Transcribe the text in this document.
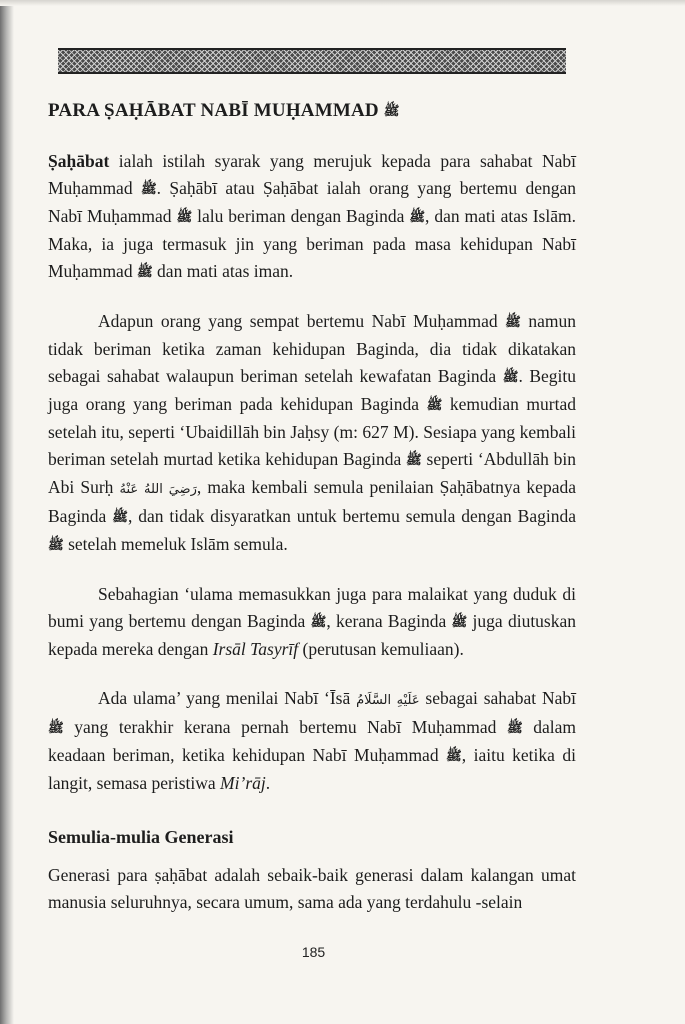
PARA ṢAḤĀBAT NABĪ MUḤAMMAD ﷺ

Ṣaḥābat ialah istilah syarak yang merujuk kepada para sahabat Nabī Muḥammad ﷺ. Ṣaḥābī atau Ṣaḥābat ialah orang yang bertemu dengan Nabī Muḥammad ﷺ lalu beriman dengan Baginda ﷺ, dan mati atas Islām. Maka, ia juga termasuk jin yang beriman pada masa kehidupan Nabī Muḥammad ﷺ dan mati atas iman.

Adapun orang yang sempat bertemu Nabī Muḥammad ﷺ namun tidak beriman ketika zaman kehidupan Baginda, dia tidak dikatakan sebagai sahabat walaupun beriman setelah kewafatan Baginda ﷺ. Begitu juga orang yang beriman pada kehidupan Baginda ﷺ kemudian murtad setelah itu, seperti ‘Ubaidillāh bin Jaḥsy (m: 627 M). Sesiapa yang kembali beriman setelah murtad ketika kehidupan Baginda ﷺ seperti ‘Abdullāh bin Abi Surḥ رَضِيَ اللهُ عَنْهُ, maka kembali semula penilaian Ṣaḥābatnya kepada Baginda ﷺ, dan tidak disyaratkan untuk bertemu semula dengan Baginda ﷺ setelah memeluk Islām semula.

Sebahagian ‘ulama memasukkan juga para malaikat yang duduk di bumi yang bertemu dengan Baginda ﷺ, kerana Baginda ﷺ juga diutuskan kepada mereka dengan Irsāl Tasyrīf (perutusan kemuliaan).

Ada ulama’ yang menilai Nabī ‘Īsā عَلَيْهِ السَّلَامُ sebagai sahabat Nabī ﷺ yang terakhir kerana pernah bertemu Nabī Muḥammad ﷺ dalam keadaan beriman, ketika kehidupan Nabī Muḥammad ﷺ, iaitu ketika di langit, semasa peristiwa Mi’rāj.

Semulia-mulia Generasi

Generasi para ṣaḥābat adalah sebaik-baik generasi dalam kalangan umat manusia seluruhnya, secara umum, sama ada yang terdahulu -selain

185
